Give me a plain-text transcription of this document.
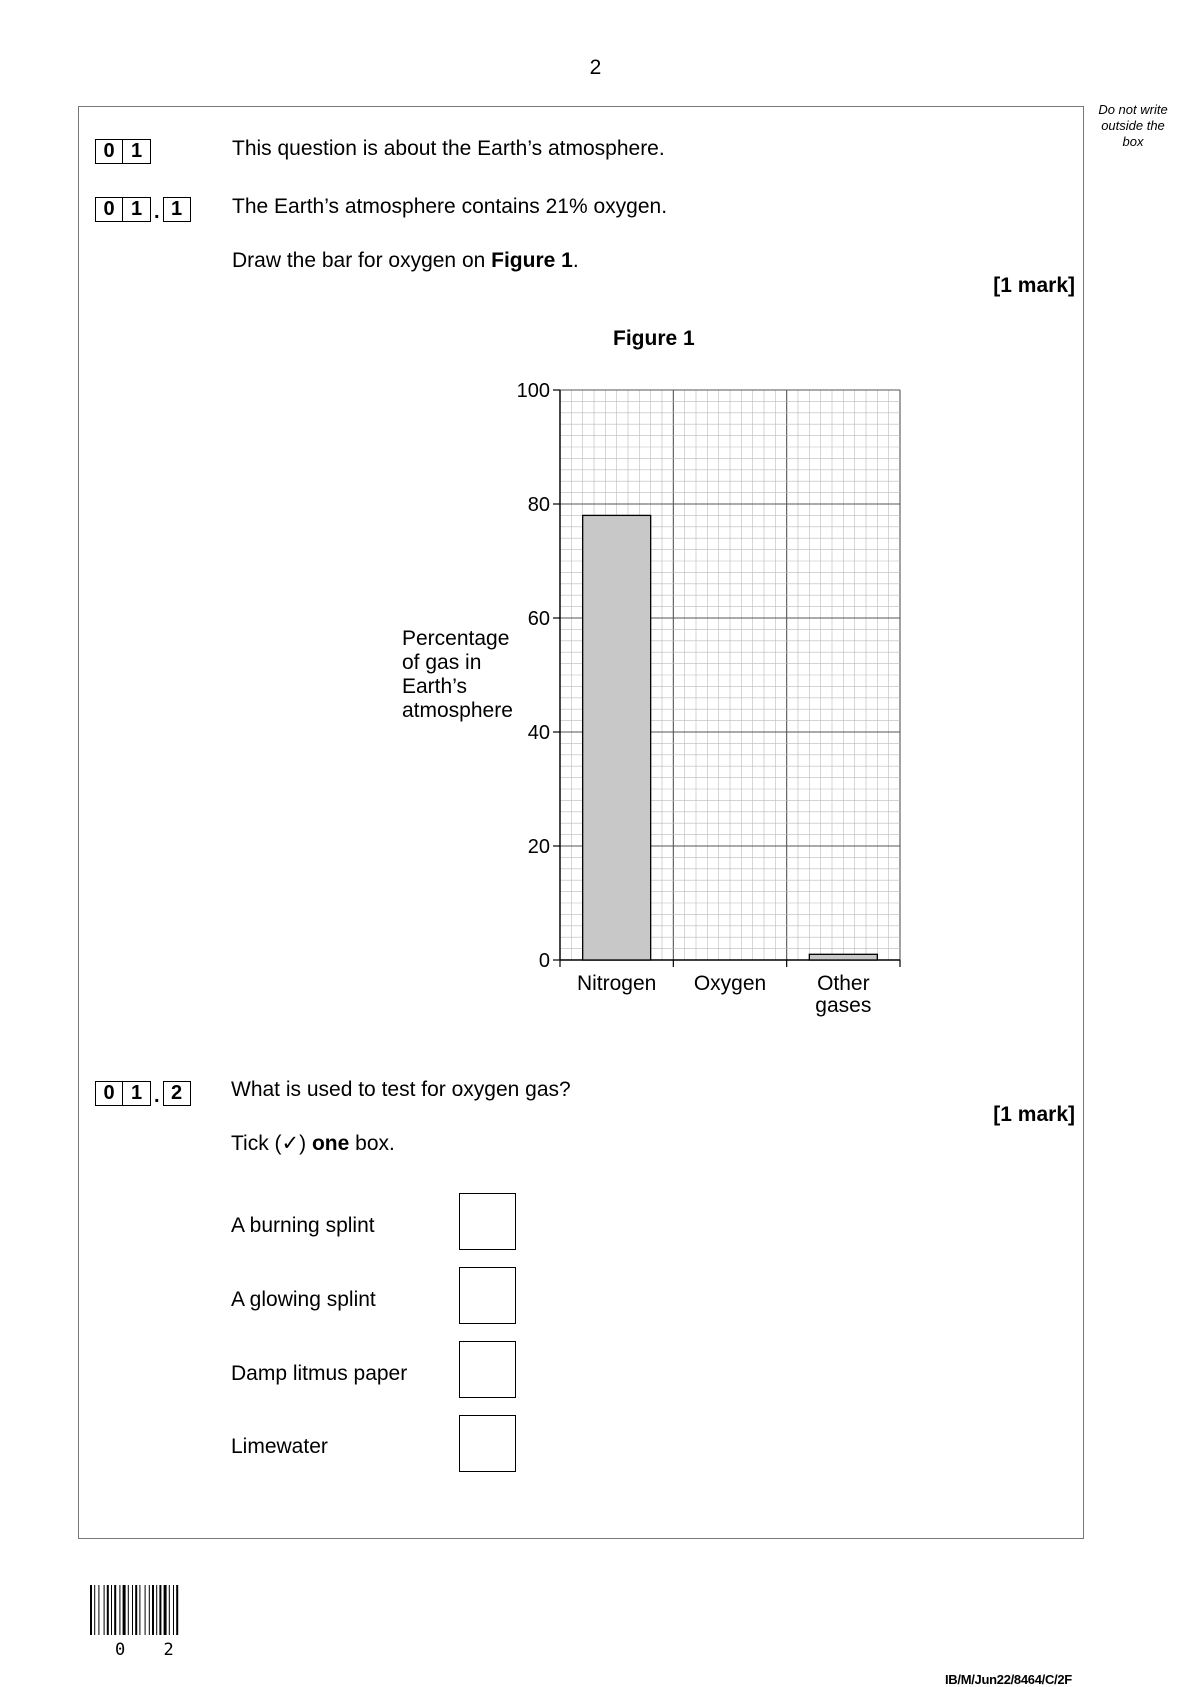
2
Do not write outside the box
0 1	This question is about the Earth’s atmosphere.
0 1 . 1	The Earth’s atmosphere contains 21% oxygen.
Draw the bar for oxygen on Figure 1.
[1 mark]
Figure 1
0
20
40
60
80
100
Nitrogen Oxygen Other
gases
Percentage
of gas in
Earth’s
atmosphere
0 1 . 2	What is used to test for oxygen gas?
[1 mark]
Tick (✓) one box.
A burning splint
A glowing splint
Damp litmus paper
Limewater
0 2
IB/M/Jun22/8464/C/2F
